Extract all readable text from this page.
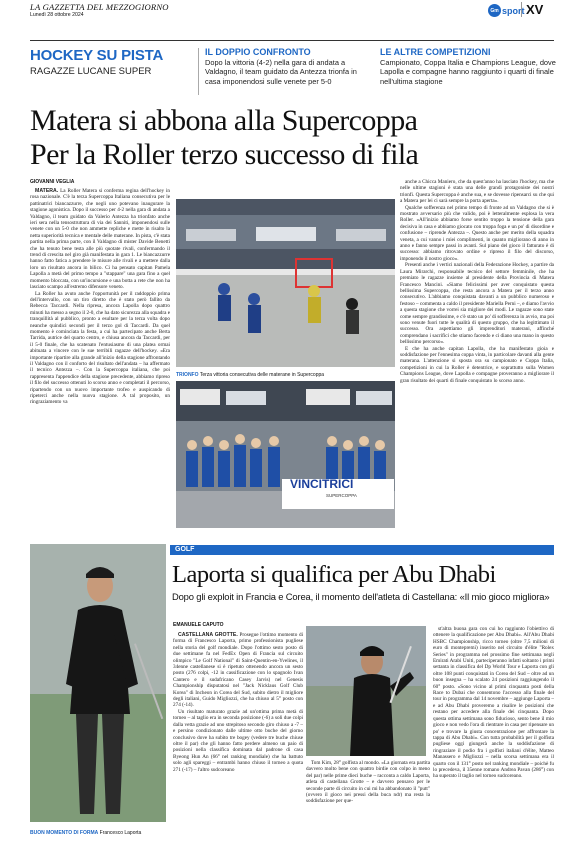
LA GAZZETTA DEL MEZZOGIORNO
Lunedì 28 ottobre 2024
Gm sport XV
HOCKEY SU PISTA
RAGAZZE LUCANE SUPER
IL DOPPIO CONFRONTO
Dopo la vittoria (4-2) nella gara di andata a Valdagno, il team guidato da Antezza trionfa in casa imponendosi sulle venete per 5-0
LE ALTRE COMPETIZIONI
Campionato, Coppa Italia e Champions League, dove Lapolla e compagne hanno raggiunto i quarti di finale nell'ultima stagione
Matera si abbona alla Supercoppa
Per la Roller terzo successo di fila
GIOVANNI VEGLIA

MATERA. La Roller Matera si conferma regina dell'hockey in rosa nazionale. C'è la terza Supercoppa Italiana consecutiva per le pattinatrici biancazzurre, che negli uno potevano inaugurare la stagione agonistica. Dopo il successo per 4-2 nella gara di andata a Valdagno, il team guidato da Valerio Antezza ha trionfato anche ieri sera nella tensostruttura di via dei Sanniti, imponendosi sulle venete con un 5-0 che non ammette repliche e mette in risalto la netta superiorità tecnica e mentale delle materane. In pista, c'è stata partita nella prima parte, con il Valdagno di mister Davide Benetti che ha tenuto bene testa alle più quotate rivali, confermando il trend di crescita nel giro già manifestata in gara 1. Le biancazzurre hanno fatto fatica a prendere le misure alle rivali e a mettere dalla loro un risultato ancora in bilico. Ci ha pensato capitan Pamela Lapolla a metà del primo tempo a "stappare" una gara fino a quel momento bloccata, con un'incursione e una botta a rete che non ha lasciato scampo all'estremo difensore veneto.

La Roller ha avuto anche l'opportunità per il raddoppio prima dell'intervallo, con un tiro diretto che è stato però fallito da Rebecca Taccardi. Nella ripresa, ancora Lapolla dopo quattro minuti ha messo a segno il 2-0, che ha dato sicurezza alla squadra e tranquillità al pubblico, pronto a esultare per la terza volta dopo neanche quindici secondi per il terzo gol di Taccardi. Da quel momento è cominciata la festa, a cui ha partecipato anche Berta Tarrida, autrice del quarto centro, e chiusa ancora da Taccardi, per il 5-0 finale, che ha scatenato l'entusiasmo di una platea ormai abituata a vincere con le sue terribili ragazze dell'hockey. «Era importante ripartire alla grande all'inizio della stagione affrontando il Valdagno con il conforto del risultato dell'andata – ha affermato il tecnico Antezza –. Con la Supercoppa italiana, che poi rappresenta l'appendice della stagione precedente, abbiamo ripreso il filo del successo ottenuti lo scorso anno e completati il percorso, ripartendo con un nuovo importante trofeo e auspicando di ripeterci anche nella nuova stagione. A tal proposito, un ringraziamento va

TRIONFO Terza vittoria consecutiva delle materane in Supercoppa
VINCITRICI
SUPERCOPPA

anche a Chicca Maniero, che da quest'anno ha lasciato l'hockey, ma che nelle ultime stagioni è stata una delle grandi protagoniste dei nostri trionfi. Questa Supercoppa è anche sua, e se dovesse ripensarci su che qui a Matera per lei ci sarà sempre la porta aperta».

Qualche sofferenza nel primo tempo di fronte ad un Valdagno che si è mostrato avversario più che valido, poi è letteralmente esplosa la vera Roller. «All'inizio abbiamo forse sentito troppo la tensione della gara decisiva in casa e abbiamo giocato con troppa foga e un po' di disordine e confusione – riprende Antezza –. Questo anche per merito della squadra veneta, a cui vanno i miei complimenti, in quanto migliorano di anno in anno e fanno sempre passi in avanti. Sul piano del gioco il fatturato è di successo: abbiamo ritrovato ordine e ripreso il filo del discorso, imponendo il nostro gioco».

Presenti anche i vertici nazionali della Federazione Hockey, a partire da Laura Mirarchi, responsabile tecnico del settore femminile, che ha premiato le ragazze insieme al presidente della Provincia di Matera Francesco Mancini. «Siamo felicissimi per aver conquistato questa bellissima Supercoppa, che resta ancora a Matera per il terzo anno consecutivo. L'abbiamo conquistata davanti a un pubblico numeroso e festoso – commenta a caldo il presidente Mariella Perni –, e diamo l'avvio a questa stagione che vorrei sia migliore dei modi. Le ragazze sono state come sempre grandissime, e c'è stato un po' di sofferenza in avvio, ma poi sono venute fuori tutte le qualità di questo gruppo, che ha legittimato il successo. Ora aspettiamo gli imprenditori materani, affinché comprendano i sacrifici che stiamo facendo e ci diano una mano in questo bellissimo percorso».

E che ha anche capitan Lapolla, che ha manifestato gioia e soddisfazione per l'ennesima coppa vinta, in particolare davanti alla gente materana. L'attenzione si sposta ora su campionato e Coppa Italia, competizioni in cui la Roller è detentrice, e soprattutto sulla Women Champions League, dove Lapolla e compagne proveranno a migliorare il gran risultato dei quarti di finale conquistato lo scorso anno.

BUON MOMENTO DI FORMA Francesco Laporta
GOLF
Laporta si qualifica per Abu Dhabi
Dopo gli exploit in Francia e Corea, il momento dell'atleta di Castellana: «Il mio gioco migliora»
EMANUELE CAPUTO

CASTELLANA GROTTE. Prosegue l'ottimo momento di forma di Francesco Laporta, primo professionista pugliese nella storia del golf mondiale. Dopo l'ottimo sesto posto di due settimane fa nel FedEx Open di Francia sul circuito olimpico "Le Golf National" di Saint-Quentin-en-Yvelines, il 34enne castellanese si è ripetuto ottenendo ancora un sesto posto (276 colpi, -12 in cassificazione con lo spagnolo Ivan Cantero e il sudafricano Casey Jarvis) nel Genesis Championship disputatosi nel "Jack Nicklaus Golf Club Korea" di Incheon in Corea del Sud, subito dietro il migliore degli italiani, Guido Migliozzi, che ha chiuso al 5° posto con 274 (-14).

Un risultato maturato grazie ad un'ottima prima metà di torneo – al taglio era in seconda posizione (-6) a soli due colpi dalla vetta grazie ad uno strepitoso secondo giro chiuso a -7 – e persino condizionato dalle ultime otto buche del giorno conclusivo dove ha subìto tre bogey (vedere tre buche chiuse oltre il par) che gli hanno fatto perdere almeno un paio di posizioni nella classifica dominata dal padrone di casa Byeong Hun An (66° nel ranking mondiale) che ha battuto solo agli spareggi – entrambi hanno chiuso il torneo a quota 271 (-17) – l'altro sudcoreano

Tom Kim, 28° golfista al mondo. «La giornata era partita davvero molto bene con quattro birdie con colpo in meno del par) nelle prime dieci buche – racconta a caldo Laporta, atleta di castellana Grotte – e davvero pensavo per le seconde parte di circuito in cui mi ha abbandonato il "putt" (ovvero il gioco nei pressi della buca ndr) ma resta la soddisfazione per que-

st'altra buona gara con cui ho raggiunto l'obiettivo di ottenere la qualificazione per Abu Dhabi». All'Abu Dhabi HSBC Championship, ricco torneo (oltre 7,5 milioni di euro di montepremi) inserito nel circuito d'élite "Rolex Series" in programma nel prossimo fine settimana negli Emirati Arabi Uniti, parteciperanno infatti soltanto i primi settanta in classifica del Dp World Tour e Laporta con gli oltre 108 punti conquistati in Corea del Sud – oltre ad un buon insegna – ha scalato 24 posizioni raggiungendo il 60° posto. «Sono vicino al primi cinquanta posti della Race to Dubai che consentono l'accesso alla finale del tour in programma dal 14 novembre – aggiunge Laporta – e ad Abu Dhabi proveremo a risalire le posizioni che restano per accedere alla finale dei cinquanta. Dopo questa ottima settimana sono fiducioso, sento bene il mio gioco e non vedo l'ora di rientrare in casa per ripensare un po' e trovare la giusta concentrazione per affrontare la tappa di Abu Dhabi». Con tutta probabilità per il golfista pugliese oggi giungerà anche la soddisfazione di ringraziare il podio fra i golfisti italiani d'élite, Matteo Manassero e Migliozzi – nella scorsa settimana era il quarto con il 131° posto nel ranking mondiale – poichè fu lo precedeva, il 35enne romano Andrea Pavan (286°) con ha superato il taglio nel torneo sudcoreano.
